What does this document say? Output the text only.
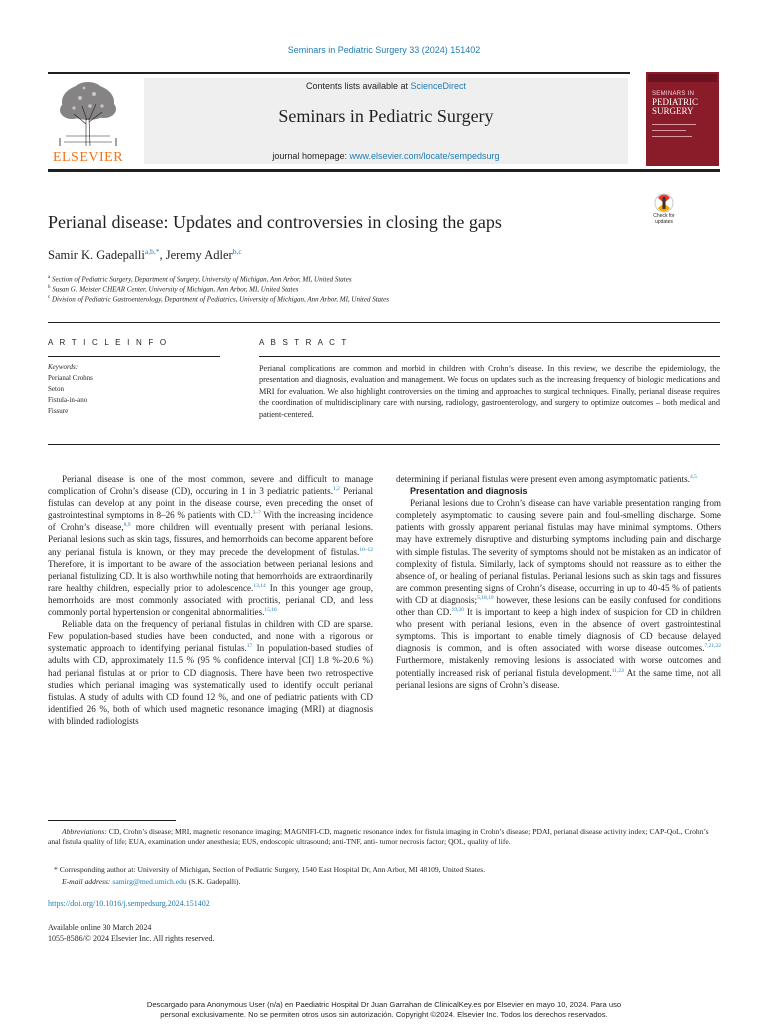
Seminars in Pediatric Surgery 33 (2024) 151402
ELSEVIER
Contents lists available at ScienceDirect
Seminars in Pediatric Surgery
journal homepage: www.elsevier.com/locate/sempedsurg
SEMINARS IN
PEDIATRIC
SURGERY
Check for updates
Perianal disease: Updates and controversies in closing the gaps
Samir K. Gadepalli$^{a,b,*}$, Jeremy Adler$^{b,c}$
$^a$ Section of Pediatric Surgery, Department of Surgery, University of Michigan, Ann Arbor, MI, United States
$^b$ Susan G. Meister CHEAR Center, University of Michigan, Ann Arbor, MI, United States
$^c$ Division of Pediatric Gastroenterology, Department of Pediatrics, University of Michigan, Ann Arbor, MI, United States
A R T I C L E I N F O	A B S T R A C T
Keywords:
Perianal Crohns
Seton
Fistula-in-ano
Fissure
Perianal complications are common and morbid in children with Crohn’s disease. In this review, we describe the epidemiology, the presentation and diagnosis, evaluation and management. We focus on updates such as the increasing frequency of biologic medications and MRI for evaluation. We also highlight controversies on the timing and approaches to surgical techniques. Finally, perianal disease requires the coordination of multidisciplinary care with nursing, radiology, gastroenterology, and surgery to optimize outcomes – both medical and patient-centered.

Perianal disease is one of the most common, severe and difficult to manage complication of Crohn’s disease (CD), occuring in 1 in 3 pediatric patients.$^{1,2}$ Perianal fistulas can develop at any point in the disease course, even preceding the onset of gastrointestinal symptoms in 8–26 % patients with CD.$^{3-7}$ With the increasing incidence of Crohn’s disease,$^{8,9}$ more children will eventually present with perianal lesions. Perianal lesions such as skin tags, fissures, and hemorrhoids can become apparent before any perianal fistula is known, or they may precede the development of fistulas.$^{10-12}$ Therefore, it is important to be aware of the association between perianal lesions and perianal fistulizing CD. It is also worthwhile noting that hemorrhoids are extraordinarily rare healthy children, especially prior to adolescence.$^{13,14}$ In this younger age group, hemorrhoids are most commonly associated with proctitis, perianal CD, and less commonly portal hypertension or congenital abnormalities.$^{15,16}$

Reliable data on the frequency of perianal fistulas in children with CD are sparse. Few population-based studies have been conducted, and none with a rigorous or systematic approach to identifying perianal fistulas.$^{17}$ In population-based studies of adults with CD, approximately 11.5 % (95 % confidence interval [CI] 1.8 %-20.6 %) had perianal fistulas at or prior to CD diagnosis. There have been two retrospective studies which perianal imaging was systematically used to identify occult perianal fistulas. A study of adults with CD found 12 %, and one of pediatric patients with CD identified 26 %, both of which used magnetic resonance imaging (MRI) at diagnosis with blinded radiologists

determining if perianal fistulas were present even among asymptomatic patients.$^{4,5}$

Presentation and diagnosis

Perianal lesions due to Crohn’s disease can have variable presentation ranging from completely asymptomatic to causing severe pain and foul-smelling discharge. Some patients with grossly apparent perianal fistulas may have minimal symptoms. Others may have extremely disruptive and disturbing symptoms including pain and discharge with simple fistulas. The severity of symptoms should not be mistaken as an indicator of complexity of fistula. Similarly, lack of symptoms should not reassure as to either the absence of, or healing of perianal fistulas. Perianal lesions such as skin tags and fissures are common presenting signs of Crohn’s disease, occurring in up to 40-45 % of patients with CD at diagnosis;$^{5,18,19}$ however, these lesions can be easily confused for conditions other than CD.$^{19,20}$ It is important to keep a high index of suspicion for CD in children who present with perianal lesions, even in the absence of overt gastrointestinal symptoms. This is important to enable timely diagnosis of CD because delayed diagnosis is common, and is often associated with worse disease outcomes.$^{7,21,22}$ Furthermore, mistakenly removing lesions is associated with worse outcomes and potentially increased risk of perianal fistula development.$^{11,23}$ At the same time, not all perianal lesions are signs of Crohn’s disease.

Abbreviations: CD, Crohn’s disease; MRI, magnetic resonance imaging; MAGNIFI-CD, magnetic resonance index for fistula imaging in Crohn’s disease; PDAI, perianal disease activity index; CAP-QoL, Crohn’s anal fistula quality of life; EUA, examination under anesthesia; EUS, endoscopic ultrasound; anti-TNF, anti- tumor necrosis factor; QOL, quality of life.
* Corresponding author at: University of Michigan, Section of Pediatric Surgery, 1540 East Hospital Dr, Ann Arbor, MI 48109, United States.
E-mail address: samirg@med.umich.edu (S.K. Gadepalli).
https://doi.org/10.1016/j.sempedsurg.2024.151402
Available online 30 March 2024
1055-8586/© 2024 Elsevier Inc. All rights reserved.
Descargado para Anonymous User (n/a) en Paediatric Hospital Dr Juan Garrahan de ClinicalKey.es por Elsevier en mayo 10, 2024. Para uso
personal exclusivamente. No se permiten otros usos sin autorización. Copyright ©2024. Elsevier Inc. Todos los derechos reservados.
